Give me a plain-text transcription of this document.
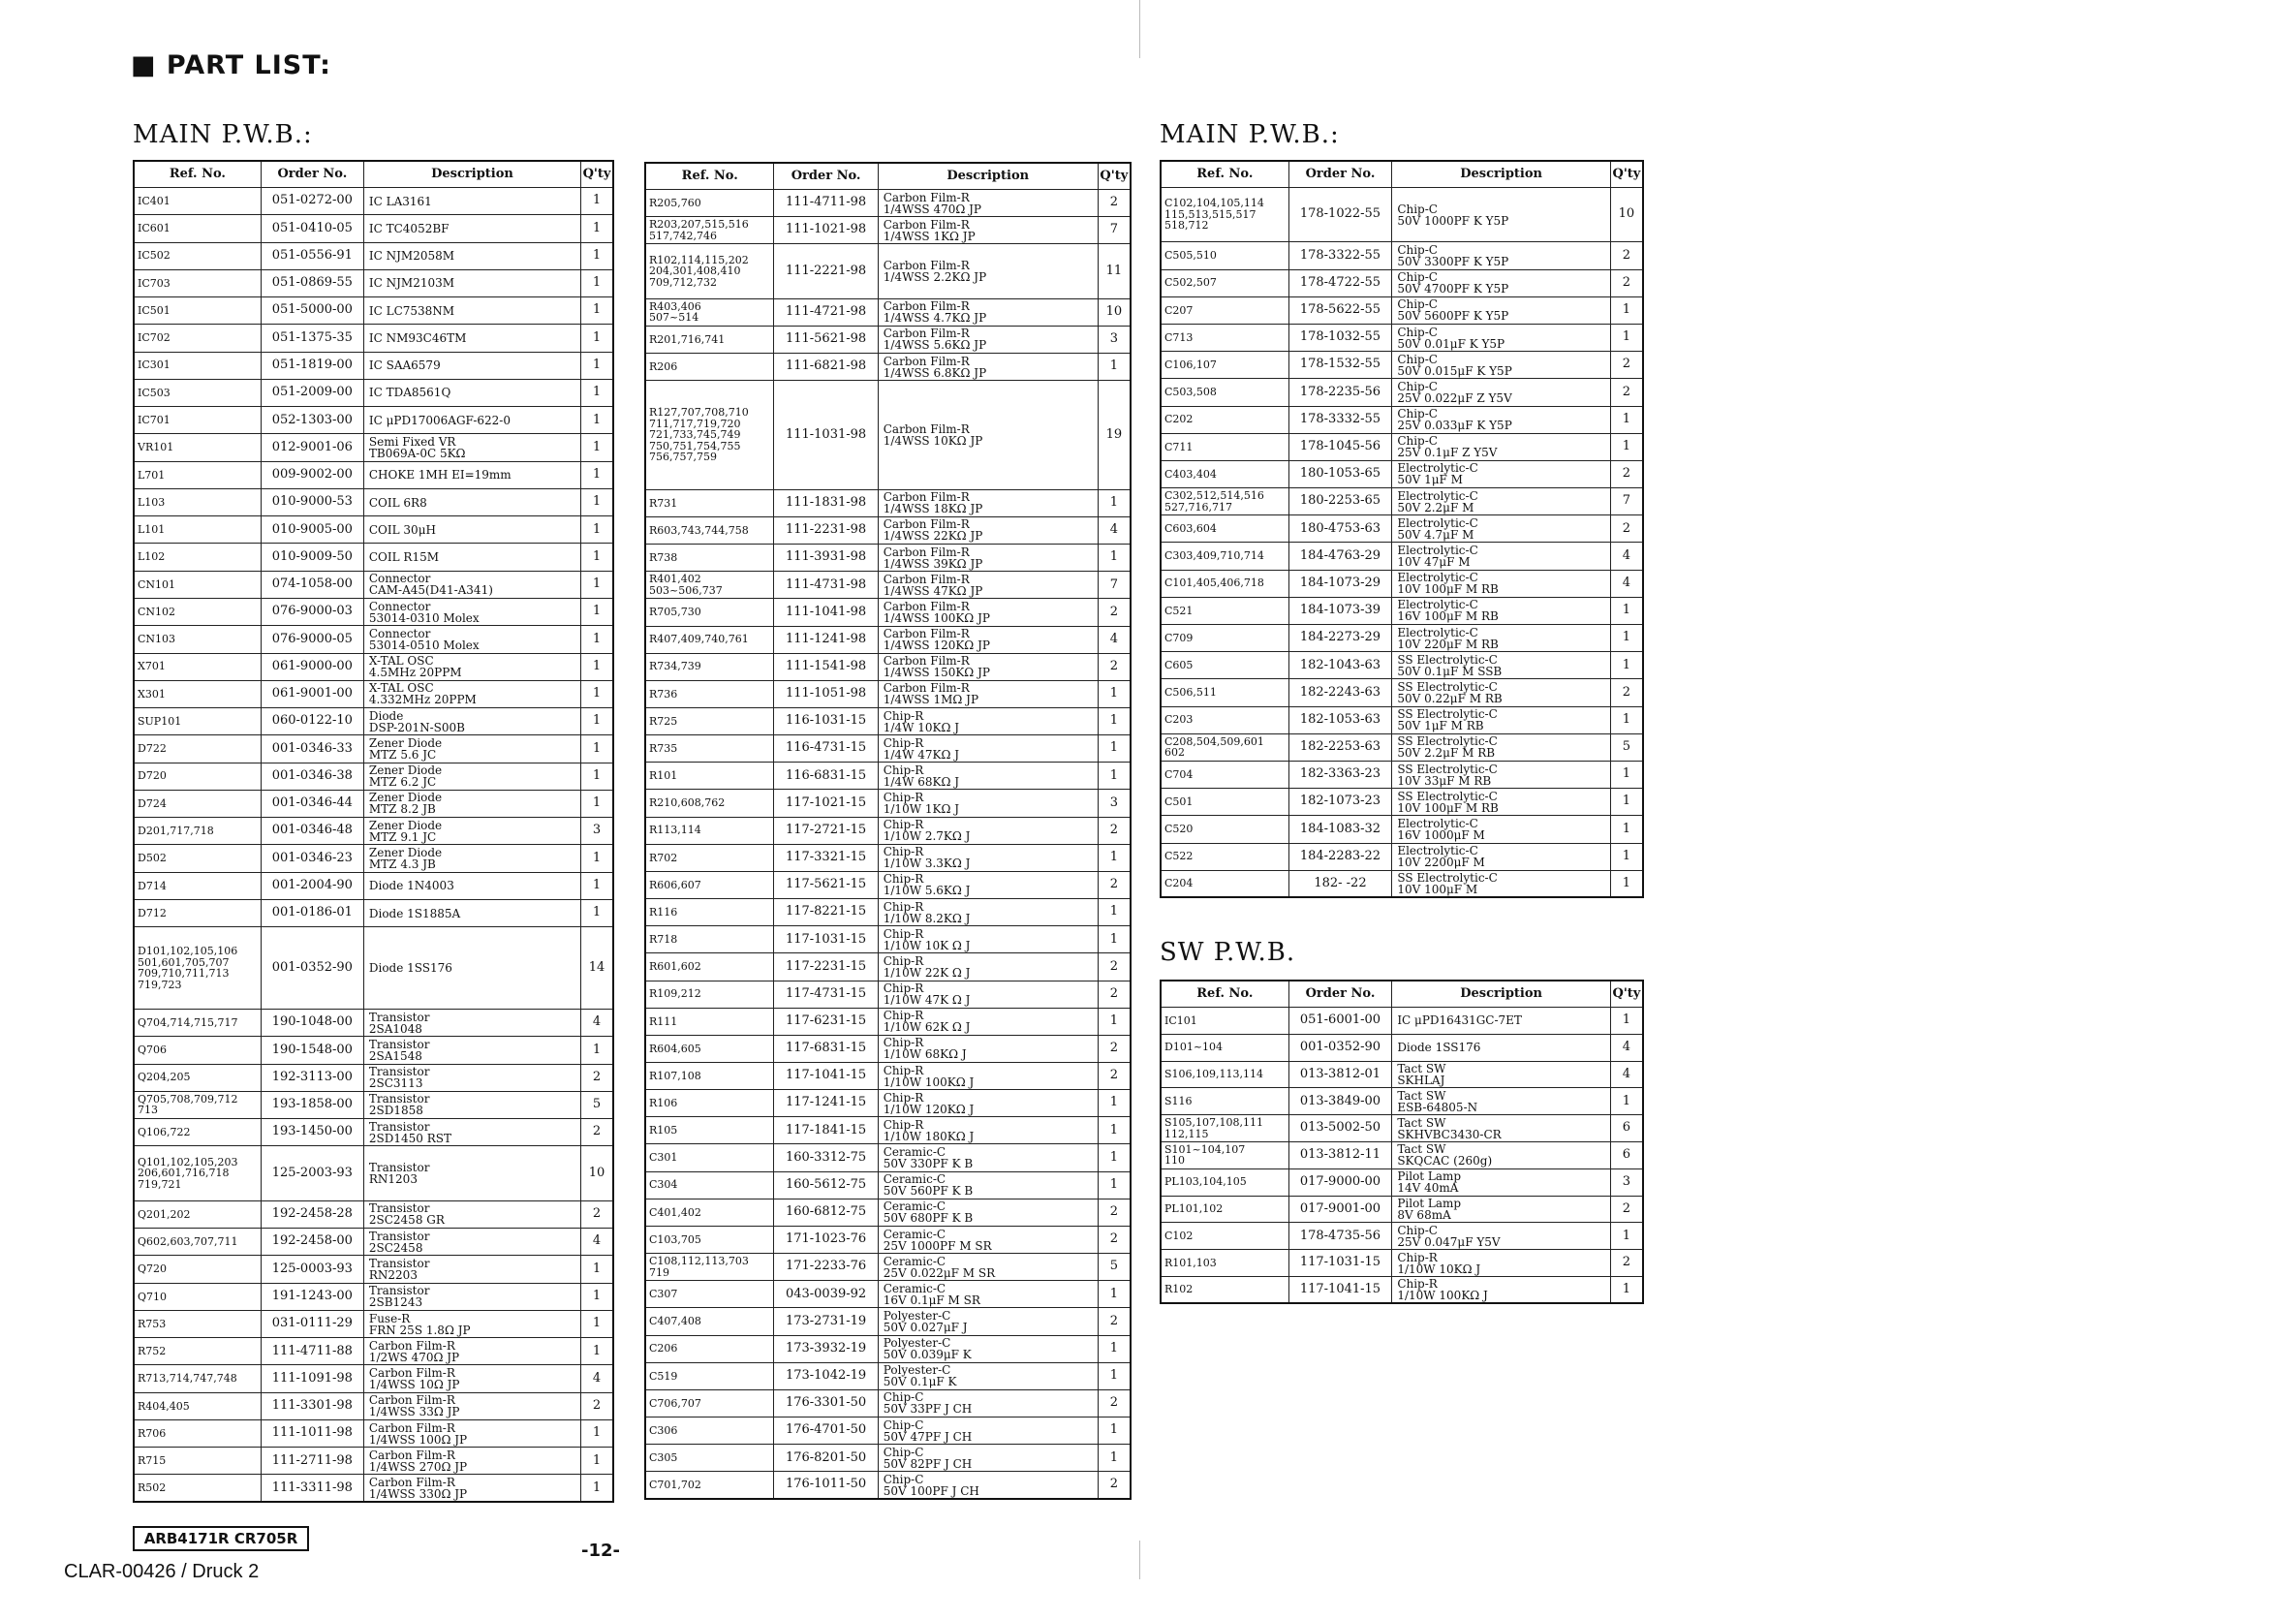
■ PART LIST:
MAIN P.W.B.:	MAIN P.W.B.:
SW P.W.B.
Ref. No.	Order No.	Description	Q'ty

IC401	051-0272-00	IC LA3161	1

IC601	051-0410-05	IC TC4052BF	1

IC502	051-0556-91	IC NJM2058M	1

IC703	051-0869-55	IC NJM2103M	1

IC501	051-5000-00	IC LC7538NM	1

IC702	051-1375-35	IC NM93C46TM	1

IC301	051-1819-00	IC SAA6579	1

IC503	051-2009-00	IC TDA8561Q	1

IC701	052-1303-00	IC μPD17006AGF-622-0	1

VR101	012-9001-06	Semi Fixed VR
TB069A-0C 5KΩ	1

L701	009-9002-00	CHOKE 1MH EI=19mm	1

L103	010-9000-53	COIL 6R8	1

L101	010-9005-00	COIL 30μH	1

L102	010-9009-50	COIL R15M	1

CN101	074-1058-00	Connector
CAM-A45(D41-A341)	1

CN102	076-9000-03	Connector
53014-0310 Molex	1

CN103	076-9000-05	Connector
53014-0510 Molex	1

X701	061-9000-00	X-TAL OSC
4.5MHz 20PPM	1

X301	061-9001-00	X-TAL OSC
4.332MHz 20PPM	1

SUP101	060-0122-10	Diode
DSP-201N-S00B	1

D722	001-0346-33	Zener Diode
MTZ 5.6 JC	1

D720	001-0346-38	Zener Diode
MTZ 6.2 JC	1

D724	001-0346-44	Zener Diode
MTZ 8.2 JB	1

D201,717,718	001-0346-48	Zener Diode
MTZ 9.1 JC	3

D502	001-0346-23	Zener Diode
MTZ 4.3 JB	1

D714	001-2004-90	Diode 1N4003	1

D712	001-0186-01	Diode 1S1885A	1

D101,102,105,106
501,601,705,707
709,710,711,713
719,723	001-0352-90	Diode 1SS176	14

Q704,714,715,717	190-1048-00	Transistor
2SA1048	4

Q706	190-1548-00	Transistor
2SA1548	1

Q204,205	192-3113-00	Transistor
2SC3113	2

Q705,708,709,712
713	193-1858-00	Transistor
2SD1858	5

Q106,722	193-1450-00	Transistor
2SD1450 RST	2

Q101,102,105,203
206,601,716,718
719,721	125-2003-93	Transistor
RN1203	10

Q201,202	192-2458-28	Transistor
2SC2458 GR	2

Q602,603,707,711	192-2458-00	Transistor
2SC2458	4

Q720	125-0003-93	Transistor
RN2203	1

Q710	191-1243-00	Transistor
2SB1243	1

R753	031-0111-29	Fuse-R
FRN 25S 1.8Ω JP	1

R752	111-4711-88	Carbon Film-R
1/2WS 470Ω JP	1

R713,714,747,748	111-1091-98	Carbon Film-R
1/4WSS 10Ω JP	4

R404,405	111-3301-98	Carbon Film-R
1/4WSS 33Ω JP	2

R706	111-1011-98	Carbon Film-R
1/4WSS 100Ω JP	1

R715	111-2711-98	Carbon Film-R
1/4WSS 270Ω JP	1

R502	111-3311-98	Carbon Film-R
1/4WSS 330Ω JP	1
Ref. No.	Order No.	Description	Q'ty

R205,760	111-4711-98	Carbon Film-R
1/4WSS 470Ω JP	2

R203,207,515,516
517,742,746	111-1021-98	Carbon Film-R
1/4WSS 1KΩ JP	7

R102,114,115,202
204,301,408,410
709,712,732	111-2221-98	Carbon Film-R
1/4WSS 2.2KΩ JP	11

R403,406
507~514	111-4721-98	Carbon Film-R
1/4WSS 4.7KΩ JP	10

R201,716,741	111-5621-98	Carbon Film-R
1/4WSS 5.6KΩ JP	3

R206	111-6821-98	Carbon Film-R
1/4WSS 6.8KΩ JP	1

R127,707,708,710
711,717,719,720
721,733,745,749
750,751,754,755
756,757,759	111-1031-98	Carbon Film-R
1/4WSS 10KΩ JP	19

R731	111-1831-98	Carbon Film-R
1/4WSS 18KΩ JP	1

R603,743,744,758	111-2231-98	Carbon Film-R
1/4WSS 22KΩ JP	4

R738	111-3931-98	Carbon Film-R
1/4WSS 39KΩ JP	1

R401,402
503~506,737	111-4731-98	Carbon Film-R
1/4WSS 47KΩ JP	7

R705,730	111-1041-98	Carbon Film-R
1/4WSS 100KΩ JP	2

R407,409,740,761	111-1241-98	Carbon Film-R
1/4WSS 120KΩ JP	4

R734,739	111-1541-98	Carbon Film-R
1/4WSS 150KΩ JP	2

R736	111-1051-98	Carbon Film-R
1/4WSS 1MΩ JP	1

R725	116-1031-15	Chip-R
1/4W 10KΩ J	1

R735	116-4731-15	Chip-R
1/4W 47KΩ J	1

R101	116-6831-15	Chip-R
1/4W 68KΩ J	1

R210,608,762	117-1021-15	Chip-R
1/10W 1KΩ J	3

R113,114	117-2721-15	Chip-R
1/10W 2.7KΩ J	2

R702	117-3321-15	Chip-R
1/10W 3.3KΩ J	1

R606,607	117-5621-15	Chip-R
1/10W 5.6KΩ J	2

R116	117-8221-15	Chip-R
1/10W 8.2KΩ J	1

R718	117-1031-15	Chip-R
1/10W 10K Ω J	1

R601,602	117-2231-15	Chip-R
1/10W 22K Ω J	2

R109,212	117-4731-15	Chip-R
1/10W 47K Ω J	2

R111	117-6231-15	Chip-R
1/10W 62K Ω J	1

R604,605	117-6831-15	Chip-R
1/10W 68KΩ J	2

R107,108	117-1041-15	Chip-R
1/10W 100KΩ J	2

R106	117-1241-15	Chip-R
1/10W 120KΩ J	1

R105	117-1841-15	Chip-R
1/10W 180KΩ J	1

C301	160-3312-75	Ceramic-C
50V 330PF K B	1

C304	160-5612-75	Ceramic-C
50V 560PF K B	1

C401,402	160-6812-75	Ceramic-C
50V 680PF K B	2

C103,705	171-1023-76	Ceramic-C
25V 1000PF M SR	2

C108,112,113,703
719	171-2233-76	Ceramic-C
25V 0.022μF M SR	5

C307	043-0039-92	Ceramic-C
16V 0.1μF M SR	1

C407,408	173-2731-19	Polyester-C
50V 0.027μF J	2

C206	173-3932-19	Polyester-C
50V 0.039μF K	1

C519	173-1042-19	Polyester-C
50V 0.1μF K	1

C706,707	176-3301-50	Chip-C
50V 33PF J CH	2

C306	176-4701-50	Chip-C
50V 47PF J CH	1

C305	176-8201-50	Chip-C
50V 82PF J CH	1

C701,702	176-1011-50	Chip-C
50V 100PF J CH	2
Ref. No.	Order No.	Description	Q'ty

C102,104,105,114
115,513,515,517
518,712	178-1022-55	Chip-C
50V 1000PF K Y5P	10

C505,510	178-3322-55	Chip-C
50V 3300PF K Y5P	2

C502,507	178-4722-55	Chip-C
50V 4700PF K Y5P	2

C207	178-5622-55	Chip-C
50V 5600PF K Y5P	1

C713	178-1032-55	Chip-C
50V 0.01μF K Y5P	1

C106,107	178-1532-55	Chip-C
50V 0.015μF K Y5P	2

C503,508	178-2235-56	Chip-C
25V 0.022μF Z Y5V	2

C202	178-3332-55	Chip-C
25V 0.033μF K Y5P	1

C711	178-1045-56	Chip-C
25V 0.1μF Z Y5V	1

C403,404	180-1053-65	Electrolytic-C
50V 1μF M	2

C302,512,514,516
527,716,717	180-2253-65	Electrolytic-C
50V 2.2μF M	7

C603,604	180-4753-63	Electrolytic-C
50V 4.7μF M	2

C303,409,710,714	184-4763-29	Electrolytic-C
10V 47μF M	4

C101,405,406,718	184-1073-29	Electrolytic-C
10V 100μF M RB	4

C521	184-1073-39	Electrolytic-C
16V 100μF M RB	1

C709	184-2273-29	Electrolytic-C
10V 220μF M RB	1

C605	182-1043-63	SS Electrolytic-C
50V 0.1μF M SSB	1

C506,511	182-2243-63	SS Electrolytic-C
50V 0.22μF M RB	2

C203	182-1053-63	SS Electrolytic-C
50V 1μF M RB	1

C208,504,509,601
602	182-2253-63	SS Electrolytic-C
50V 2.2μF M RB	5

C704	182-3363-23	SS Electrolytic-C
10V 33μF M RB	1

C501	182-1073-23	SS Electrolytic-C
10V 100μF M RB	1

C520	184-1083-32	Electrolytic-C
16V 1000μF M	1

C522	184-2283-22	Electrolytic-C
10V 2200μF M	1

C204	182- -22	SS Electrolytic-C
10V 100μF M	1
Ref. No.	Order No.	Description	Q'ty

IC101	051-6001-00	IC μPD16431GC-7ET	1

D101~104	001-0352-90	Diode 1SS176	4

S106,109,113,114	013-3812-01	Tact SW
SKHLAJ	4

S116	013-3849-00	Tact SW
ESB-64805-N	1

S105,107,108,111
112,115	013-5002-50	Tact SW
SKHVBC3430-CR	6

S101~104,107
110	013-3812-11	Tact SW
SKQCAC (260g)	6

PL103,104,105	017-9000-00	Pilot Lamp
14V 40mA	3

PL101,102	017-9001-00	Pilot Lamp
8V 68mA	2

C102	178-4735-56	Chip-C
25V 0.047μF Y5V	1

R101,103	117-1031-15	Chip-R
1/10W 10KΩ J	2

R102	117-1041-15	Chip-R
1/10W 100KΩ J	1
ARB4171R CR705R
-12-
CLAR-00426 / Druck 2
